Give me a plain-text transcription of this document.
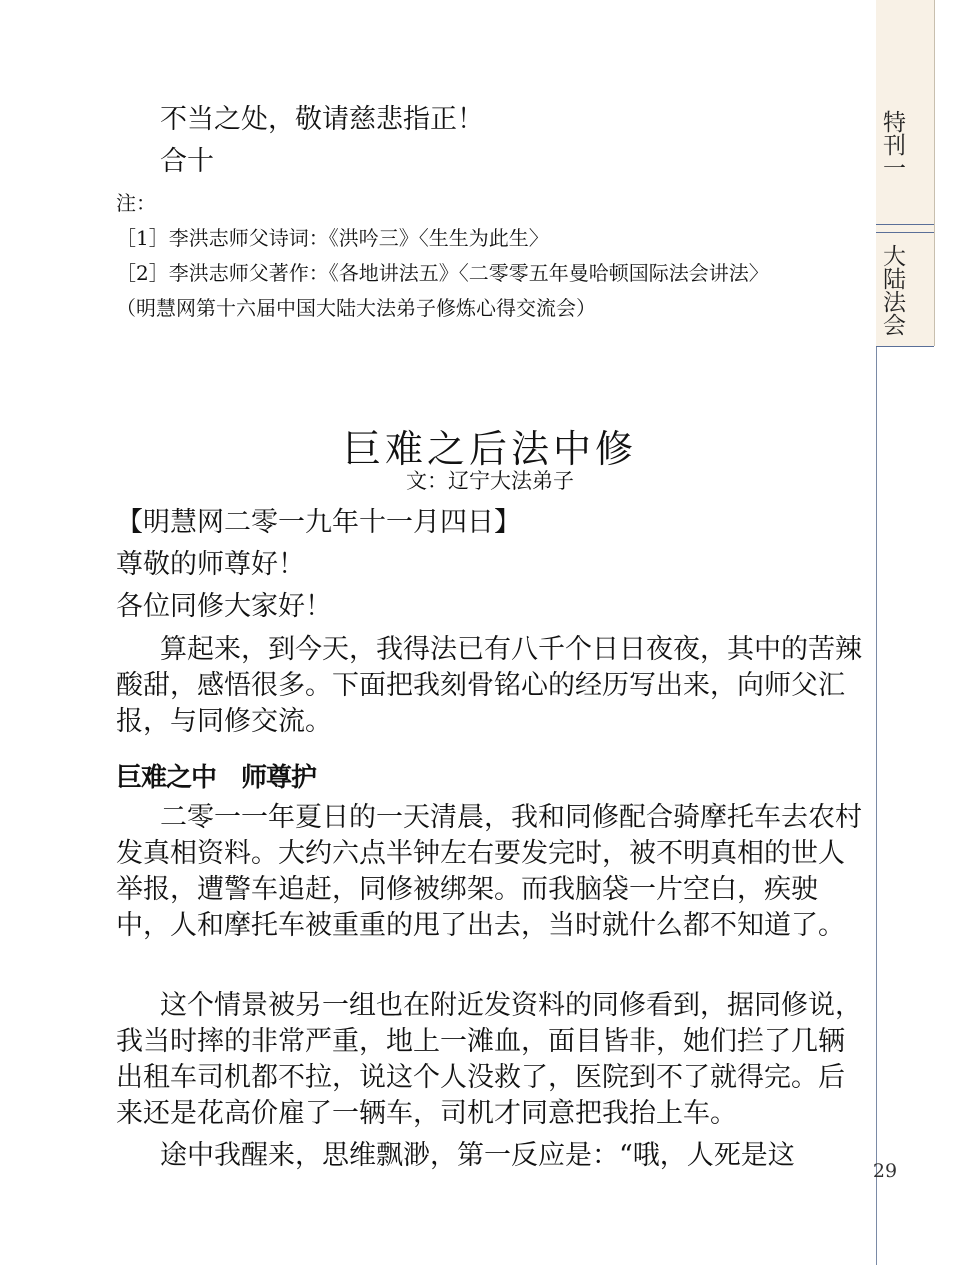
特刊一
大陆法会
29

不当之处，敬请慈悲指正！

合十

注：

［1］李洪志师父诗词：《洪吟三》〈生生为此生〉

［2］李洪志师父著作：《各地讲法五》〈二零零五年曼哈顿国际法会讲法〉

（明慧网第十六届中国大陆大法弟子修炼心得交流会）

巨难之后法中修
文：辽宁大法弟子

【明慧网二零一九年十一月四日】

尊敬的师尊好！

各位同修大家好！

算起来，到今天，我得法已有八千个日日夜夜，其中的苦辣酸甜，感悟很多。下面把我刻骨铭心的经历写出来，向师父汇报，与同修交流。

巨难之中　师尊护

二零一一年夏日的一天清晨，我和同修配合骑摩托车去农村发真相资料。大约六点半钟左右要发完时，被不明真相的世人举报，遭警车追赶，同修被绑架。而我脑袋一片空白，疾驶中，人和摩托车被重重的甩了出去，当时就什么都不知道了。

这个情景被另一组也在附近发资料的同修看到，据同修说，我当时摔的非常严重，地上一滩血，面目皆非，她们拦了几辆出租车司机都不拉，说这个人没救了，医院到不了就得完。后来还是花高价雇了一辆车，司机才同意把我抬上车。

途中我醒来，思维飘渺，第一反应是：“哦，人死是这
